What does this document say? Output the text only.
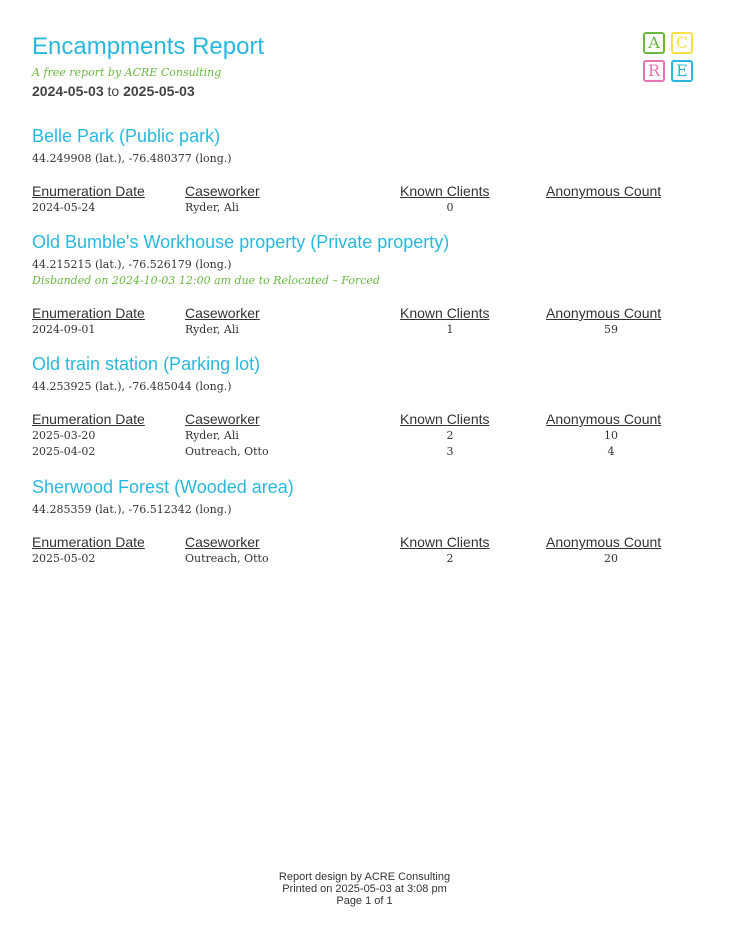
Encampments Report
A free report by ACRE Consulting
2024-05-03 to 2025-05-03
A	C
R	E
Belle Park (Public park)
44.249908 (lat.), -76.480377 (long.)
Enumeration Date	Caseworker	Known Clients	Anonymous Count
2024-05-24	Ryder, Ali	0
Old Bumble's Workhouse property (Private property)
44.215215 (lat.), -76.526179 (long.)
Disbanded on 2024-10-03 12:00 am due to Relocated – Forced
Enumeration Date	Caseworker	Known Clients	Anonymous Count
2024-09-01	Ryder, Ali	1	59
Old train station (Parking lot)
44.253925 (lat.), -76.485044 (long.)
Enumeration Date	Caseworker	Known Clients	Anonymous Count
2025-03-20	Ryder, Ali	2	10
2025-04-02	Outreach, Otto	3	4
Sherwood Forest (Wooded area)
44.285359 (lat.), -76.512342 (long.)
Enumeration Date	Caseworker	Known Clients	Anonymous Count
2025-05-02	Outreach, Otto	2	20
Report design by ACRE Consulting
Printed on 2025-05-03 at 3:08 pm
Page 1 of 1
